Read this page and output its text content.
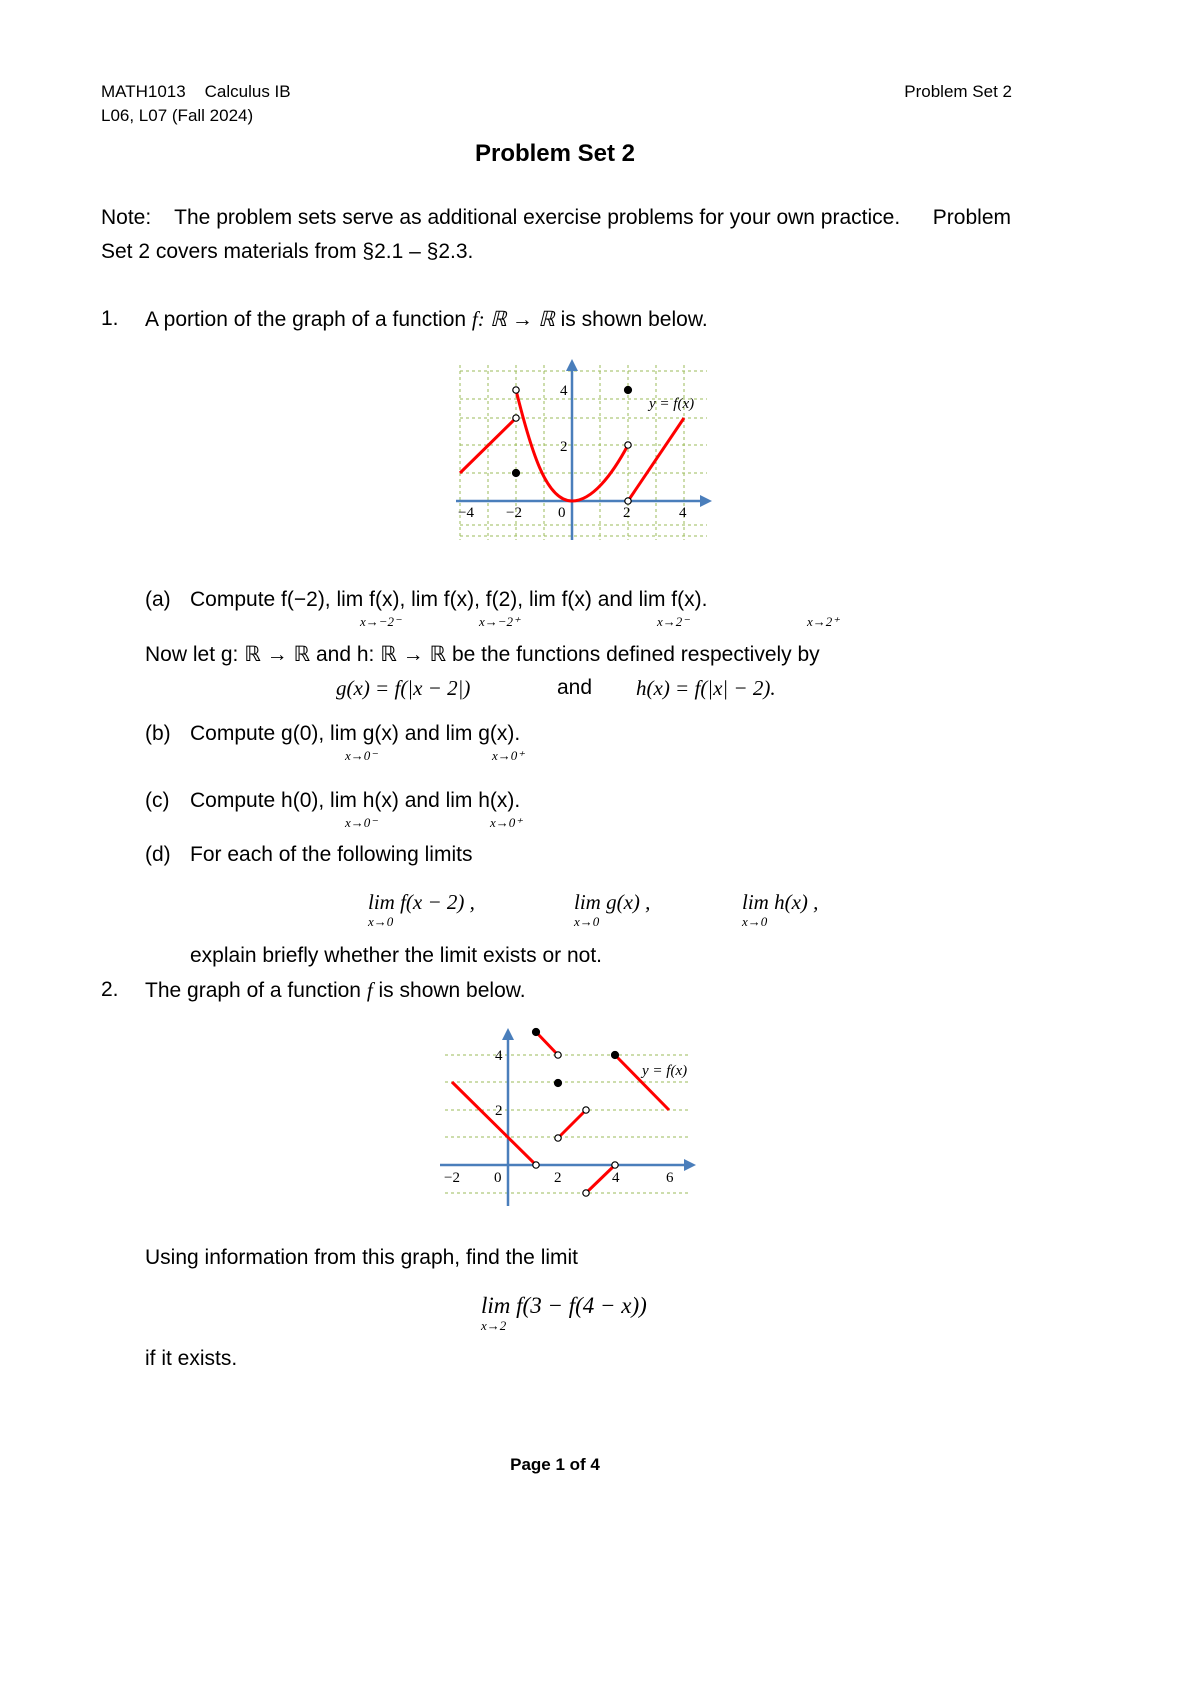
MATH1013 Calculus IB
L06, L07 (Fall 2024)
Problem Set 2
Problem Set 2
Note: The problem sets serve as additional exercise problems for your own practice. Problem
Set 2 covers materials from §2.1 – §2.3.
1. A portion of the graph of a function f: ℝ → ℝ is shown below.
−4 −2 0	2	4
2
4
y = f(x)
(a) Compute f(−2), lim f(x), lim f(x), f(2), lim f(x) and lim f(x).
x→−2⁻	x→−2⁺	x→2⁻	x→2⁺
Now let g: ℝ → ℝ and h: ℝ → ℝ be the functions defined respectively by
g(x) = f(|x − 2|)	and h(x) = f(|x| − 2).
(b) Compute g(0), lim g(x) and lim g(x).
x→0⁻	x→0⁺
(c) Compute h(0), lim h(x) and lim h(x).
x→0⁻	x→0⁺
(d) For each of the following limits
lim f(x − 2) ,	lim g(x) ,	lim h(x) ,
x→0	x→0	x→0
explain briefly whether the limit exists or not.
2. The graph of a function f is shown below.
−2 0	2	4	6
2
4
y = f(x)
Using information from this graph, find the limit
lim f(3 − f(4 − x))
x→2
if it exists.
Page 1 of 4
